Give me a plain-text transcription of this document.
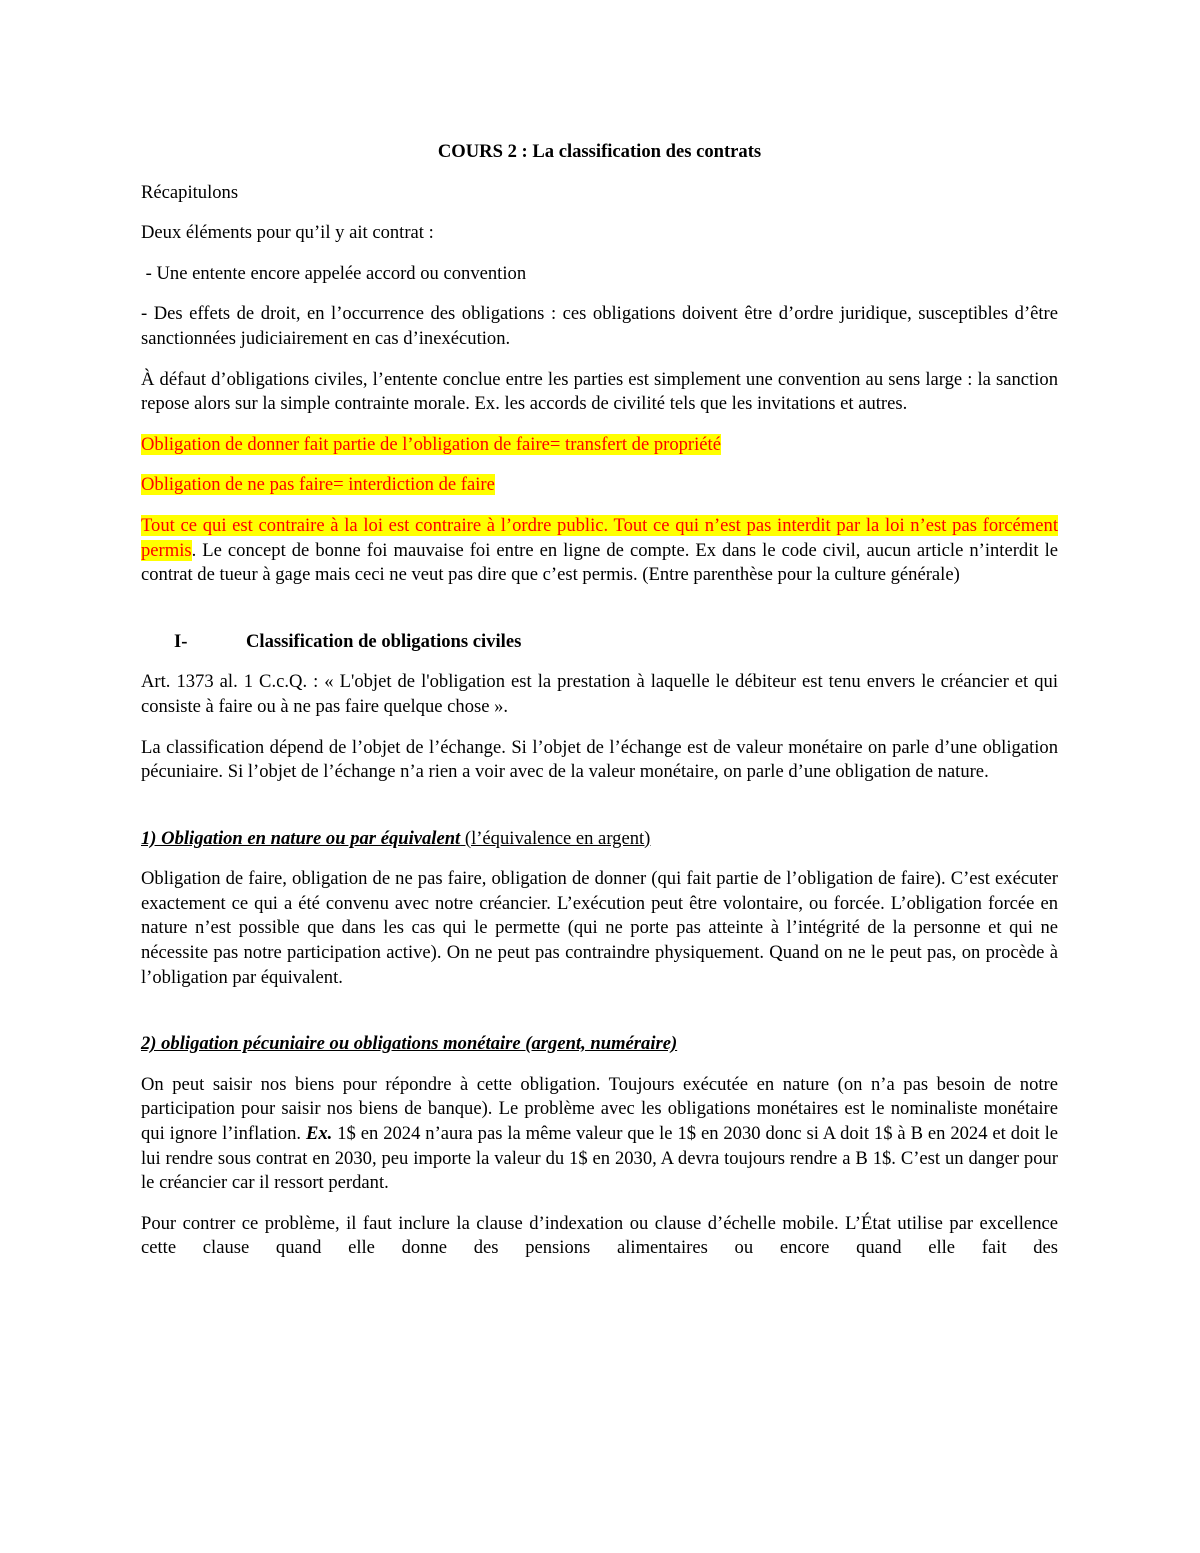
COURS 2 : La classification des contrats

Récapitulons

Deux éléments pour qu’il y ait contrat :

- Une entente encore appelée accord ou convention

- Des effets de droit, en l’occurrence des obligations : ces obligations doivent être d’ordre juridique, susceptibles d’être sanctionnées judiciairement en cas d’inexécution.

À défaut d’obligations civiles, l’entente conclue entre les parties est simplement une convention au sens large : la sanction repose alors sur la simple contrainte morale. Ex. les accords de civilité tels que les invitations et autres.

Obligation de donner fait partie de l’obligation de faire= transfert de propriété

Obligation de ne pas faire= interdiction de faire

Tout ce qui est contraire à la loi est contraire à l’ordre public. Tout ce qui n’est pas interdit par la loi n’est pas forcément permis. Le concept de bonne foi mauvaise foi entre en ligne de compte. Ex dans le code civil, aucun article n’interdit le contrat de tueur à gage mais ceci ne veut pas dire que c’est permis. (Entre parenthèse pour la culture générale)

I-	Classification de obligations civiles

Art. 1373 al. 1 C.c.Q. : « L'objet de l'obligation est la prestation à laquelle le débiteur est tenu envers le créancier et qui consiste à faire ou à ne pas faire quelque chose ».

La classification dépend de l’objet de l’échange. Si l’objet de l’échange est de valeur monétaire on parle d’une obligation pécuniaire. Si l’objet de l’échange n’a rien a voir avec de la valeur monétaire, on parle d’une obligation de nature.

1) Obligation en nature ou par équivalent (l’équivalence en argent)

Obligation de faire, obligation de ne pas faire, obligation de donner (qui fait partie de l’obligation de faire). C’est exécuter exactement ce qui a été convenu avec notre créancier. L’exécution peut être volontaire, ou forcée. L’obligation forcée en nature n’est possible que dans les cas qui le permette (qui ne porte pas atteinte à l’intégrité de la personne et qui ne nécessite pas notre participation active). On ne peut pas contraindre physiquement. Quand on ne le peut pas, on procède à l’obligation par équivalent.

2) obligation pécuniaire ou obligations monétaire (argent, numéraire)

On peut saisir nos biens pour répondre à cette obligation. Toujours exécutée en nature (on n’a pas besoin de notre participation pour saisir nos biens de banque). Le problème avec les obligations monétaires est le nominaliste monétaire qui ignore l’inflation. Ex. 1$ en 2024 n’aura pas la même valeur que le 1$ en 2030 donc si A doit 1$ à B en 2024 et doit le lui rendre sous contrat en 2030, peu importe la valeur du 1$ en 2030, A devra toujours rendre a B 1$. C’est un danger pour le créancier car il ressort perdant.

Pour contrer ce problème, il faut inclure la clause d’indexation ou clause d’échelle mobile. L’État utilise par excellence cette clause quand elle donne des pensions alimentaires ou encore quand elle fait des
